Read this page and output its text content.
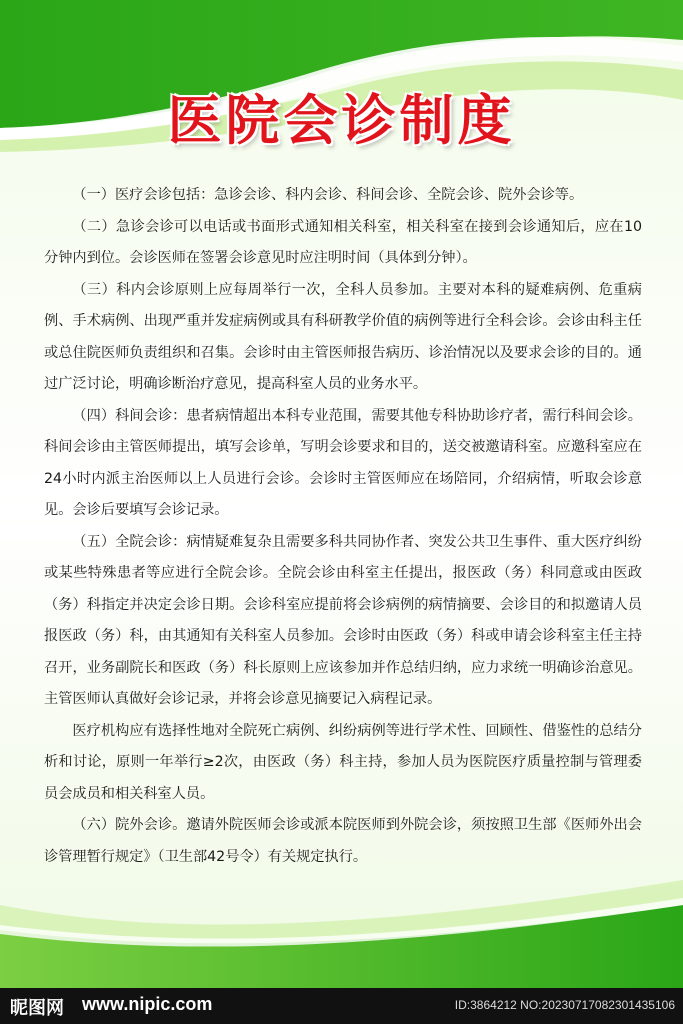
医院会诊制度

（一）医疗会诊包括：急诊会诊、科内会诊、科间会诊、全院会诊、院外会诊等。

（二）急诊会诊可以电话或书面形式通知相关科室，相关科室在接到会诊通知后，应在10分钟内到位。会诊医师在签署会诊意见时应注明时间（具体到分钟）。

（三）科内会诊原则上应每周举行一次，全科人员参加。主要对本科的疑难病例、危重病例、手术病例、出现严重并发症病例或具有科研教学价值的病例等进行全科会诊。会诊由科主任或总住院医师负责组织和召集。会诊时由主管医师报告病历、诊治情况以及要求会诊的目的。通过广泛讨论，明确诊断治疗意见，提高科室人员的业务水平。

（四）科间会诊：患者病情超出本科专业范围，需要其他专科协助诊疗者，需行科间会诊。科间会诊由主管医师提出，填写会诊单，写明会诊要求和目的，送交被邀请科室。应邀科室应在24小时内派主治医师以上人员进行会诊。会诊时主管医师应在场陪同，介绍病情，听取会诊意见。会诊后要填写会诊记录。

（五）全院会诊：病情疑难复杂且需要多科共同协作者、突发公共卫生事件、重大医疗纠纷或某些特殊患者等应进行全院会诊。全院会诊由科室主任提出，报医政（务）科同意或由医政（务）科指定并决定会诊日期。会诊科室应提前将会诊病例的病情摘要、会诊目的和拟邀请人员报医政（务）科，由其通知有关科室人员参加。会诊时由医政（务）科或申请会诊科室主任主持召开，业务副院长和医政（务）科长原则上应该参加并作总结归纳，应力求统一明确诊治意见。主管医师认真做好会诊记录，并将会诊意见摘要记入病程记录。

医疗机构应有选择性地对全院死亡病例、纠纷病例等进行学术性、回顾性、借鉴性的总结分析和讨论，原则一年举行≥2次，由医政（务）科主持，参加人员为医院医疗质量控制与管理委员会成员和相关科室人员。

（六）院外会诊。邀请外院医师会诊或派本院医师到外院会诊，须按照卫生部《医师外出会诊管理暂行规定》（卫生部42号令）有关规定执行。

昵图网 www.nipic.com	ID:3864212 NO:20230717082301435106
